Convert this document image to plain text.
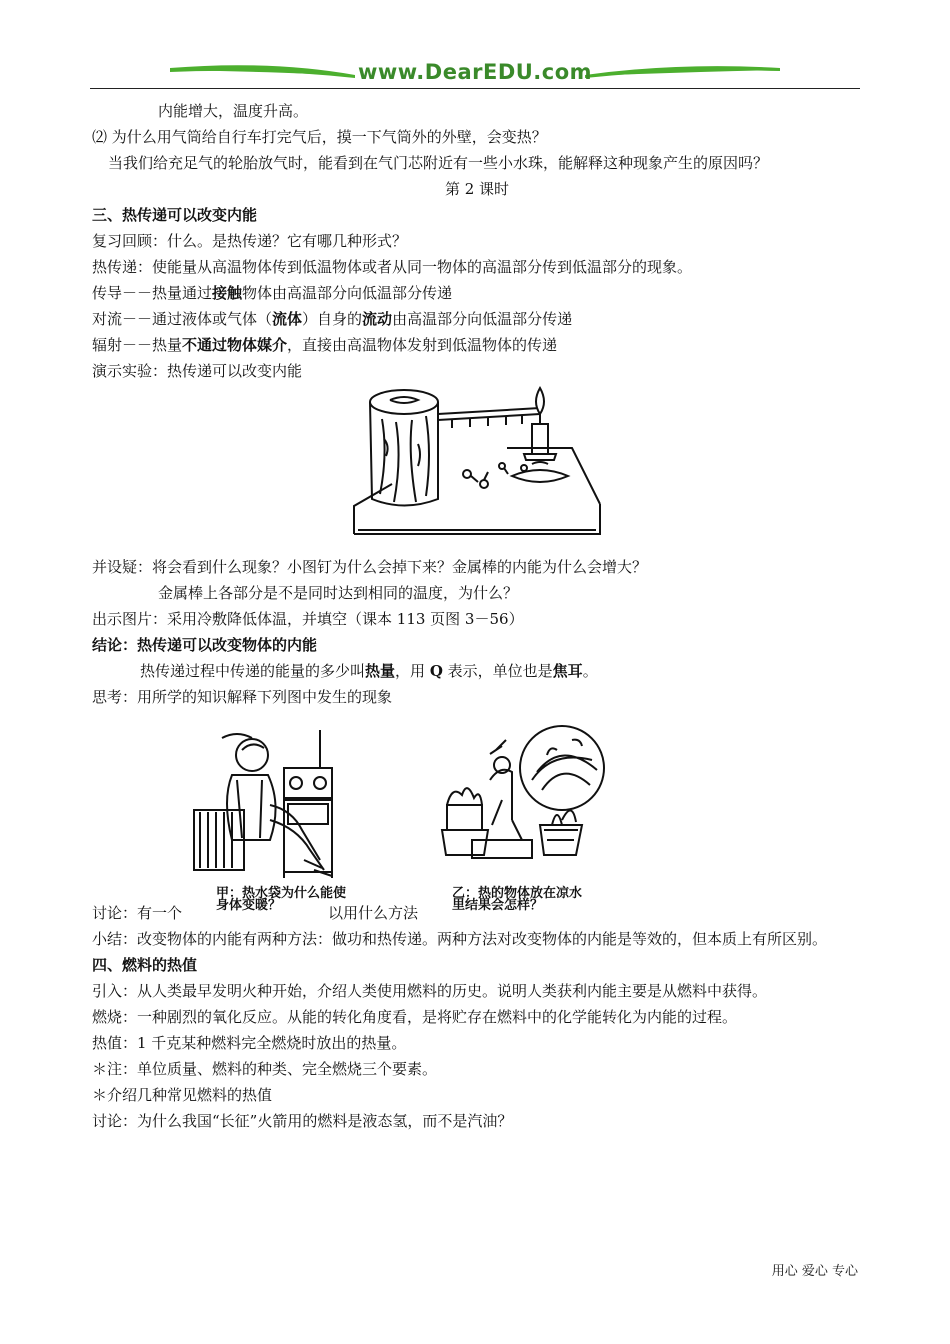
www.DearEDU.com
内能增大，温度升高。
⑵ 为什么用气筒给自行车打完气后，摸一下气筒外的外壁，会变热？
当我们给充足气的轮胎放气时，能看到在气门芯附近有一些小水珠，能解释这种现象产生的原因吗？
第 2 课时
三、热传递可以改变内能
复习回顾：什么。是热传递？它有哪几种形式？
热传递：使能量从高温物体传到低温物体或者从同一物体的高温部分传到低温部分的现象。
传导－－热量通过接触物体由高温部分向低温部分传递
对流－－通过液体或气体（流体）自身的流动由高温部分向低温部分传递
辐射－－热量不通过物体媒介，直接由高温物体发射到低温物体的传递
演示实验：热传递可以改变内能
并设疑：将会看到什么现象？小图钉为什么会掉下来？金属棒的内能为什么会增大？
金属棒上各部分是不是同时达到相同的温度，为什么？
出示图片：采用冷敷降低体温，并填空（课本 113 页图 3－56）
结论：热传递可以改变物体的内能
热传递过程中传递的能量的多少叫热量，用 Q 表示，单位也是焦耳。
思考：用所学的知识解释下列图中发生的现象
甲：热水袋为什么能使	乙：热的物体放在凉水
讨论：有一个	以用什么方法
身体变暖？	里结果会怎样？
小结：改变物体的内能有两种方法：做功和热传递。两种方法对改变物体的内能是等效的，但本质上有所区别。
四、燃料的热值
引入：从人类最早发明火种开始，介绍人类使用燃料的历史。说明人类获利内能主要是从燃料中获得。
燃烧：一种剧烈的氧化反应。从能的转化角度看，是将贮存在燃料中的化学能转化为内能的过程。
热值：1 千克某种燃料完全燃烧时放出的热量。
＊注：单位质量、燃料的种类、完全燃烧三个要素。
＊介绍几种常见燃料的热值
讨论：为什么我国“长征”火箭用的燃料是液态氢，而不是汽油？
用心 爱心 专心
